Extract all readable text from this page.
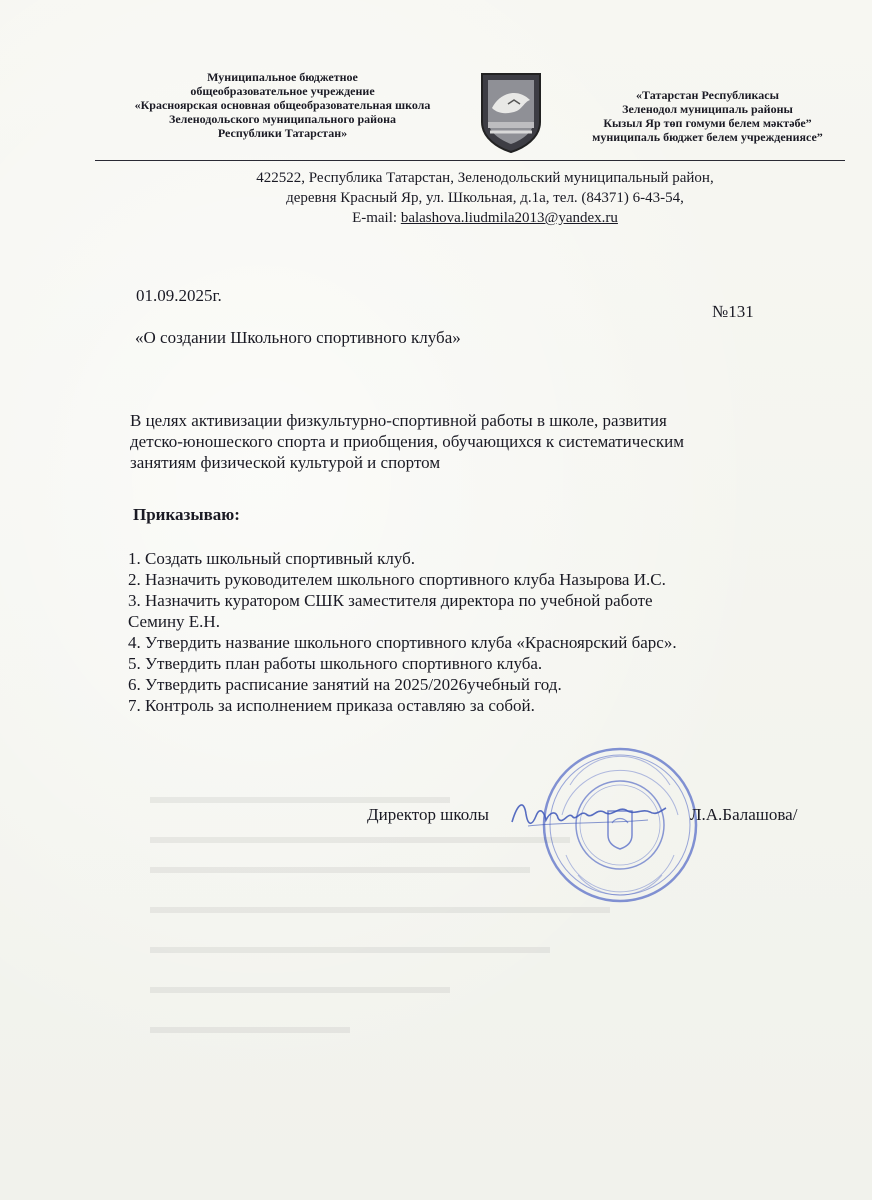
Муниципальное бюджетное
общеобразовательное учреждение
«Красноярская основная общеобразовательная школа
Зеленодольского муниципального района
Республики Татарстан»
«Татарстан Республикасы
Зеленодол муниципаль районы
Кызыл Яр төп гомуми белем мәктәбе”
муниципаль бюджет белем учреждениясе”
422522, Республика Татарстан, Зеленодольский муниципальный район,
деревня Красный Яр, ул. Школьная, д.1а, тел. (84371) 6-43-54,
E-mail: balashova.liudmila2013@yandex.ru
01.09.2025г.
№131
«О создании Школьного спортивного клуба»
В целях активизации физкультурно-спортивной работы в школе, развития
детско-юношеского спорта и приобщения, обучающихся к систематическим
занятиям физической культурой и спортом
Приказываю:
1. Создать школьный спортивный клуб.
2. Назначить руководителем школьного спортивного клуба Назырова И.С.
3. Назначить куратором СШК заместителя директора по учебной работе
Семину Е.Н.
4. Утвердить название школьного спортивного клуба «Красноярский барс».
5. Утвердить план работы школьного спортивного клуба.
6. Утвердить расписание занятий на 2025/2026учебный год.
7. Контроль за исполнением приказа оставляю за собой.
Директор школы	Л.А.Балашова/
